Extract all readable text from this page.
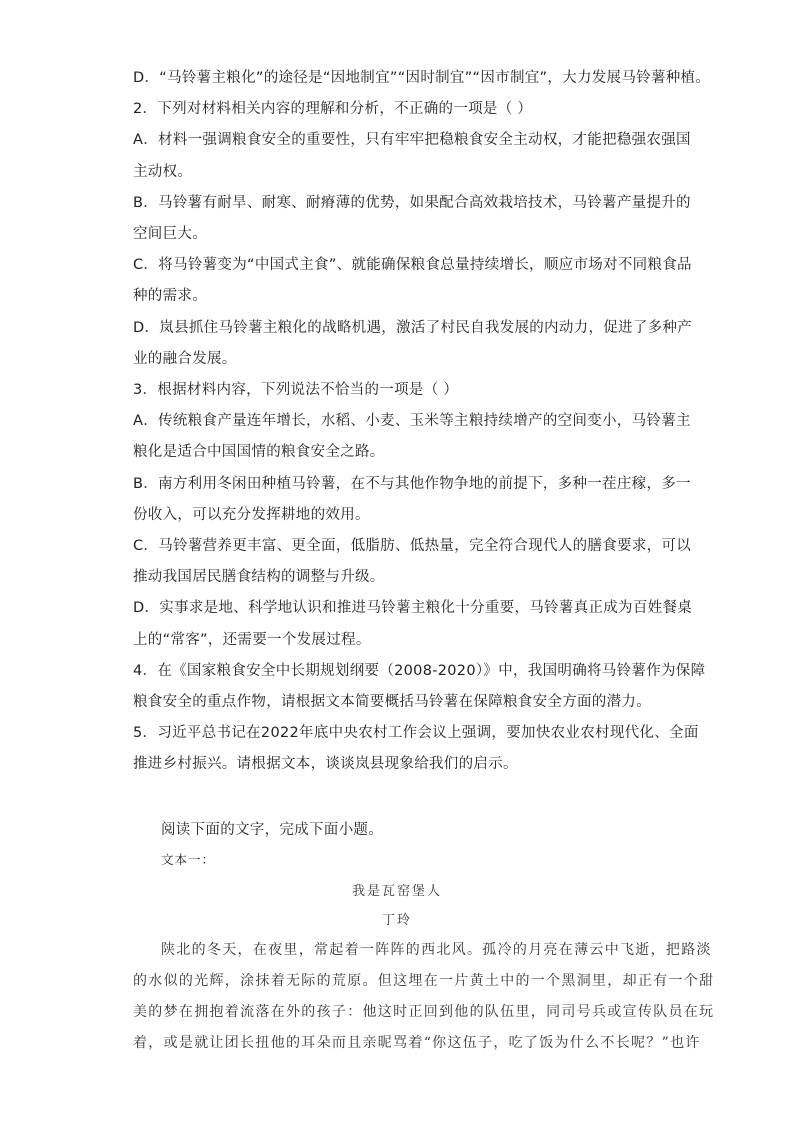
D．“马铃薯主粮化”的途径是“因地制宜”“因时制宜”“因市制宜”，大力发展马铃薯种植。
2．下列对材料相关内容的理解和分析，不正确的一项是（ ）
A．材料一强调粮食安全的重要性，只有牢牢把稳粮食安全主动权，才能把稳强农强国
主动权。
B．马铃薯有耐旱、耐寒、耐瘠薄的优势，如果配合高效栽培技术，马铃薯产量提升的
空间巨大。
C．将马铃薯变为“中国式主食”、就能确保粮食总量持续增长，顺应市场对不同粮食品
种的需求。
D．岚县抓住马铃薯主粮化的战略机遇，激活了村民自我发展的内动力，促进了多种产
业的融合发展。
3．根据材料内容，下列说法不恰当的一项是（ ）
A．传统粮食产量连年增长，水稻、小麦、玉米等主粮持续增产的空间变小，马铃薯主
粮化是适合中国国情的粮食安全之路。
B．南方利用冬闲田种植马铃薯，在不与其他作物争地的前提下，多种一茬庄稼，多一
份收入，可以充分发挥耕地的效用。
C．马铃薯营养更丰富、更全面，低脂肪、低热量，完全符合现代人的膳食要求，可以
推动我国居民膳食结构的调整与升级。
D．实事求是地、科学地认识和推进马铃薯主粮化十分重要，马铃薯真正成为百姓餐桌
上的“常客”，还需要一个发展过程。
4．在《国家粮食安全中长期规划纲要（2008-2020）》中，我国明确将马铃薯作为保障
粮食安全的重点作物，请根据文本简要概括马铃薯在保障粮食安全方面的潜力。
5．习近平总书记在2022年底中央农村工作会议上强调，要加快农业农村现代化、全面
推进乡村振兴。请根据文本，谈谈岚县现象给我们的启示。
阅读下面的文字，完成下面小题。
文本一：
我是瓦窑堡人
丁玲
陕北的冬天，在夜里，常起着一阵阵的西北风。孤冷的月亮在薄云中飞逝，把路淡
的水似的光辉，涂抹着无际的荒原。但这埋在一片黄土中的一个黑洞里，却正有一个甜
美的梦在拥抱着流落在外的孩子：他这时正回到他的队伍里，同司号兵或宣传队员在玩
着，或是就让团长扭他的耳朵而且亲昵骂着“你这伍子，吃了饭为什么不长呢？”也许
